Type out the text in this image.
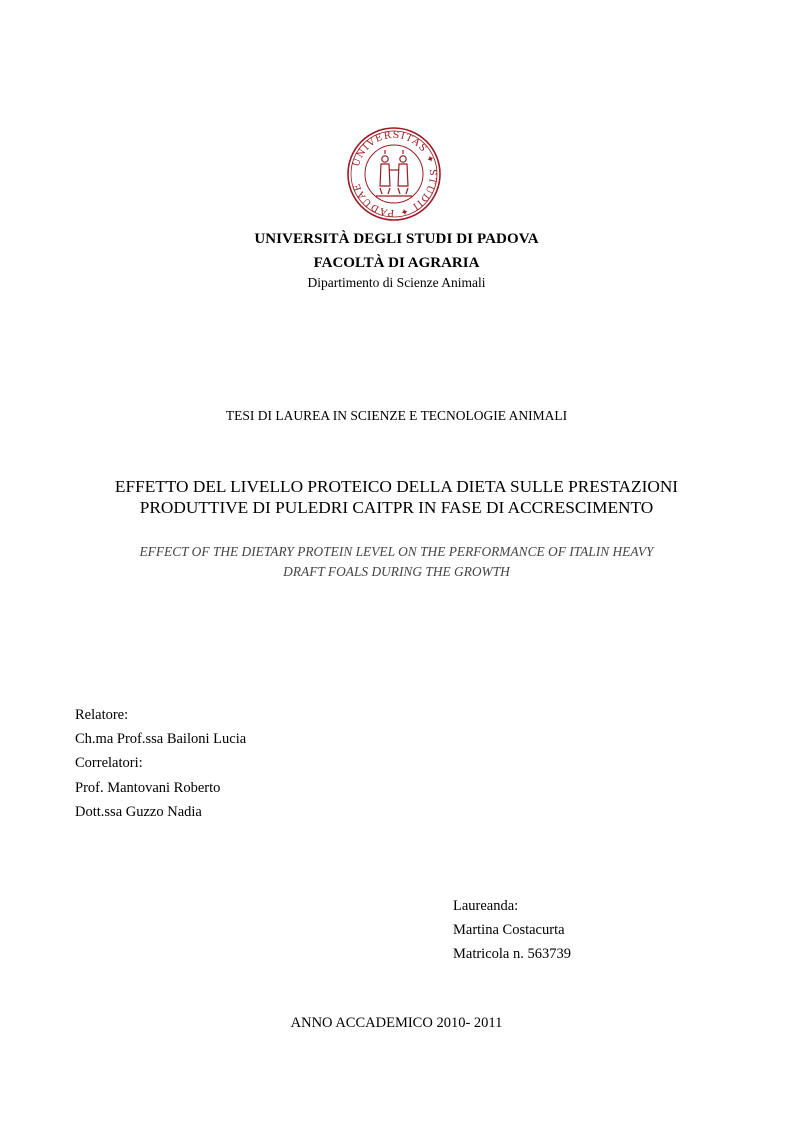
UNIVERSITAS ✦ STUDII ✦ PADUAE
UNIVERSITÀ DEGLI STUDI DI PADOVA
FACOLTÀ DI AGRARIA
Dipartimento di Scienze Animali
TESI DI LAUREA IN SCIENZE E TECNOLOGIE ANIMALI
EFFETTO DEL LIVELLO PROTEICO DELLA DIETA SULLE PRESTAZIONI
PRODUTTIVE DI PULEDRI CAITPR IN FASE DI ACCRESCIMENTO
EFFECT OF THE DIETARY PROTEIN LEVEL ON THE PERFORMANCE OF ITALIN HEAVY
DRAFT FOALS DURING THE GROWTH
Relatore:
Ch.ma Prof.ssa Bailoni Lucia
Correlatori:
Prof. Mantovani Roberto
Dott.ssa Guzzo Nadia
Laureanda:
Martina Costacurta
Matricola n. 563739
ANNO ACCADEMICO 2010- 2011
